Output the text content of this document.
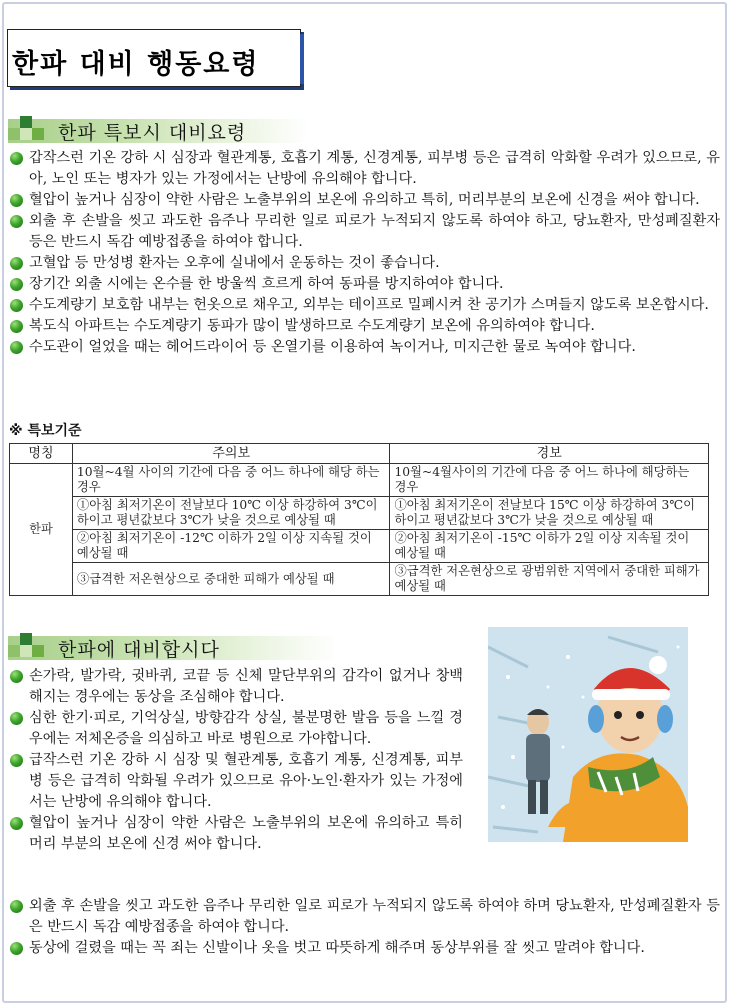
한파 대비 행동요령
한파 특보시 대비요령
갑작스런 기온 강하 시 심장과 혈관계통, 호흡기 계통, 신경계통, 피부병 등은 급격히 악화할 우려가 있으므로, 유아, 노인 또는 병자가 있는 가정에서는 난방에 유의해야 합니다.
혈압이 높거나 심장이 약한 사람은 노출부위의 보온에 유의하고 특히, 머리부분의 보온에 신경을 써야 합니다.
외출 후 손발을 씻고 과도한 음주나 무리한 일로 피로가 누적되지 않도록 하여야 하고, 당뇨환자, 만성폐질환자 등은 반드시 독감 예방접종을 하여야 합니다.
고혈압 등 만성병 환자는 오후에 실내에서 운동하는 것이 좋습니다.
장기간 외출 시에는 온수를 한 방울씩 흐르게 하여 동파를 방지하여야 합니다.
수도계량기 보호함 내부는 헌옷으로 채우고, 외부는 테이프로 밀폐시켜 찬 공기가 스며들지 않도록 보온합시다.
복도식 아파트는 수도계량기 동파가 많이 발생하므로 수도계량기 보온에 유의하여야 합니다.
수도관이 얼었을 때는 헤어드라이어 등 온열기를 이용하여 녹이거나, 미지근한 물로 녹여야 합니다.
※ 특보기준
명칭	주의보	경보
한파	10월~4월 사이의 기간에 다음 중 어느 하나에 해당 하는 경우	10월~4월사이의 기간에 다음 중 어느 하나에 해당하는 경우
	①아침 최저기온이 전날보다 10℃ 이상 하강하여 3℃이하이고 평년값보다 3℃가 낮을 것으로 예상될 때	①아침 최저기온이 전날보다 15℃ 이상 하강하여 3℃이하이고 평년값보다 3℃가 낮을 것으로 예상될 때
	②아침 최저기온이 -12℃ 이하가 2일 이상 지속될 것이 예상될 때	②아침 최저기온이 -15℃ 이하가 2일 이상 지속될 것이 예상될 때
	③급격한 저온현상으로 중대한 피해가 예상될 때	③급격한 저온현상으로 광범위한 지역에서 중대한 피해가 예상될 때
한파에 대비합시다
손가락, 발가락, 귓바퀴, 코끝 등 신체 말단부위의 감각이 없거나 창백해지는 경우에는 동상을 조심해야 합니다.
심한 한기·피로, 기억상실, 방향감각 상실, 불분명한 발음 등을 느낄 경우에는 저체온증을 의심하고 바로 병원으로 가야합니다.
급작스런 기온 강하 시 심장 및 혈관계통, 호흡기 계통, 신경계통, 피부병 등은 급격히 악화될 우려가 있으므로 유아·노인·환자가 있는 가정에서는 난방에 유의해야 합니다.
혈압이 높거나 심장이 약한 사람은 노출부위의 보온에 유의하고 특히 머리 부분의 보온에 신경 써야 합니다.
외출 후 손발을 씻고 과도한 음주나 무리한 일로 피로가 누적되지 않도록 하여야 하며 당뇨환자, 만성폐질환자 등은 반드시 독감 예방접종을 하여야 합니다.
동상에 걸렸을 때는 꼭 죄는 신발이나 옷을 벗고 따뜻하게 해주며 동상부위를 잘 씻고 말려야 합니다.
